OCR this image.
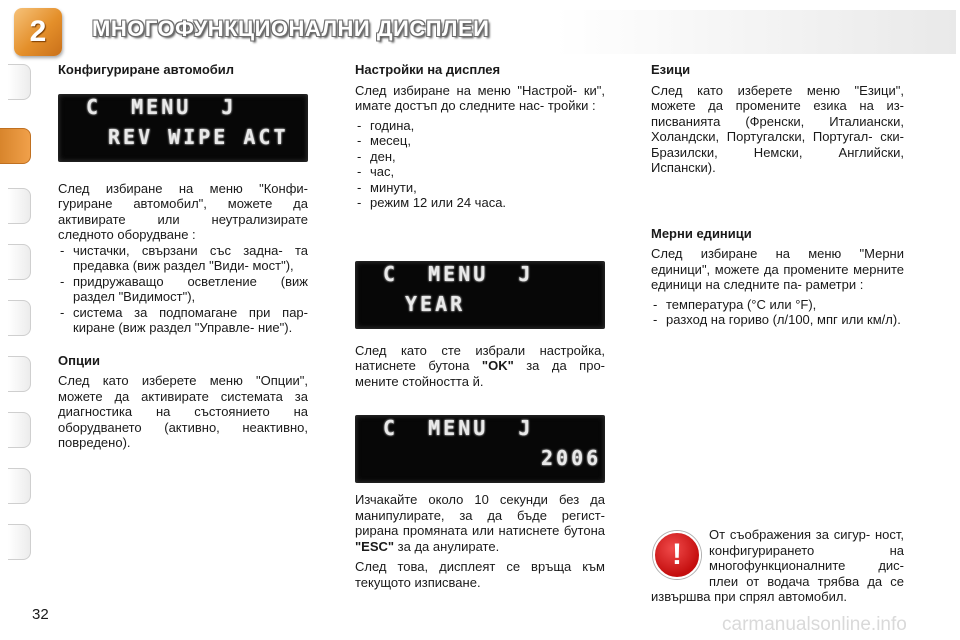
2 МНОГОФУНКЦИОНАЛНИ ДИСПЛЕИ
Конфигуриране автомобил
C  MENU  J
REV WIPE ACT

След избиране на меню "Конфи- гуриране автомобил", можете да активирате или неутрализирате следното оборудване :

- чистачки, свързани със задна- та предавка (виж раздел "Види- мост"),
- придружаващо осветление (виж раздел "Видимост"),
- система за подпомагане при пар- киране (виж раздел "Управле- ние").
Опции

След като изберете меню "Опции", можете да активирате системата за диагностика на състоянието на оборудването (активно, неактивно, повредено).

Настройки на дисплея

След избиране на меню "Настрой- ки", имате достъп до следните нас- тройки :

- година,
- месец,
- ден,
- час,
- минути,
- режим 12 или 24 часа.
C  MENU  J
YEAR

След като сте избрали настройка, натиснете бутона "OK" за да про- мените стойността й.

C  MENU  J
2006

Изчакайте около 10 секунди без да манипулирате, за да бъде регист- рирана промяната или натиснете бутона "ESC" за да анулирате.

След това, дисплеят се връща към текущото изписване.

Езици

След като изберете меню "Езици", можете да промените езика на из- писванията (Френски, Италиански, Холандски, Португалски, Португал- ски-Бразилски, Немски, Английски, Испански).

Мерни единици

След избиране на меню "Мерни единици", можете да промените мерните единици на следните па- раметри :

- температура (°C или °F),
- разход на гориво (л/100, мпг или км/л).
!

От съображения за сигур- ност, конфигурирането на многофункционалните дис- плеи от водача трябва да се извършва при спрял автомобил.

32	carmanualsonline.info
